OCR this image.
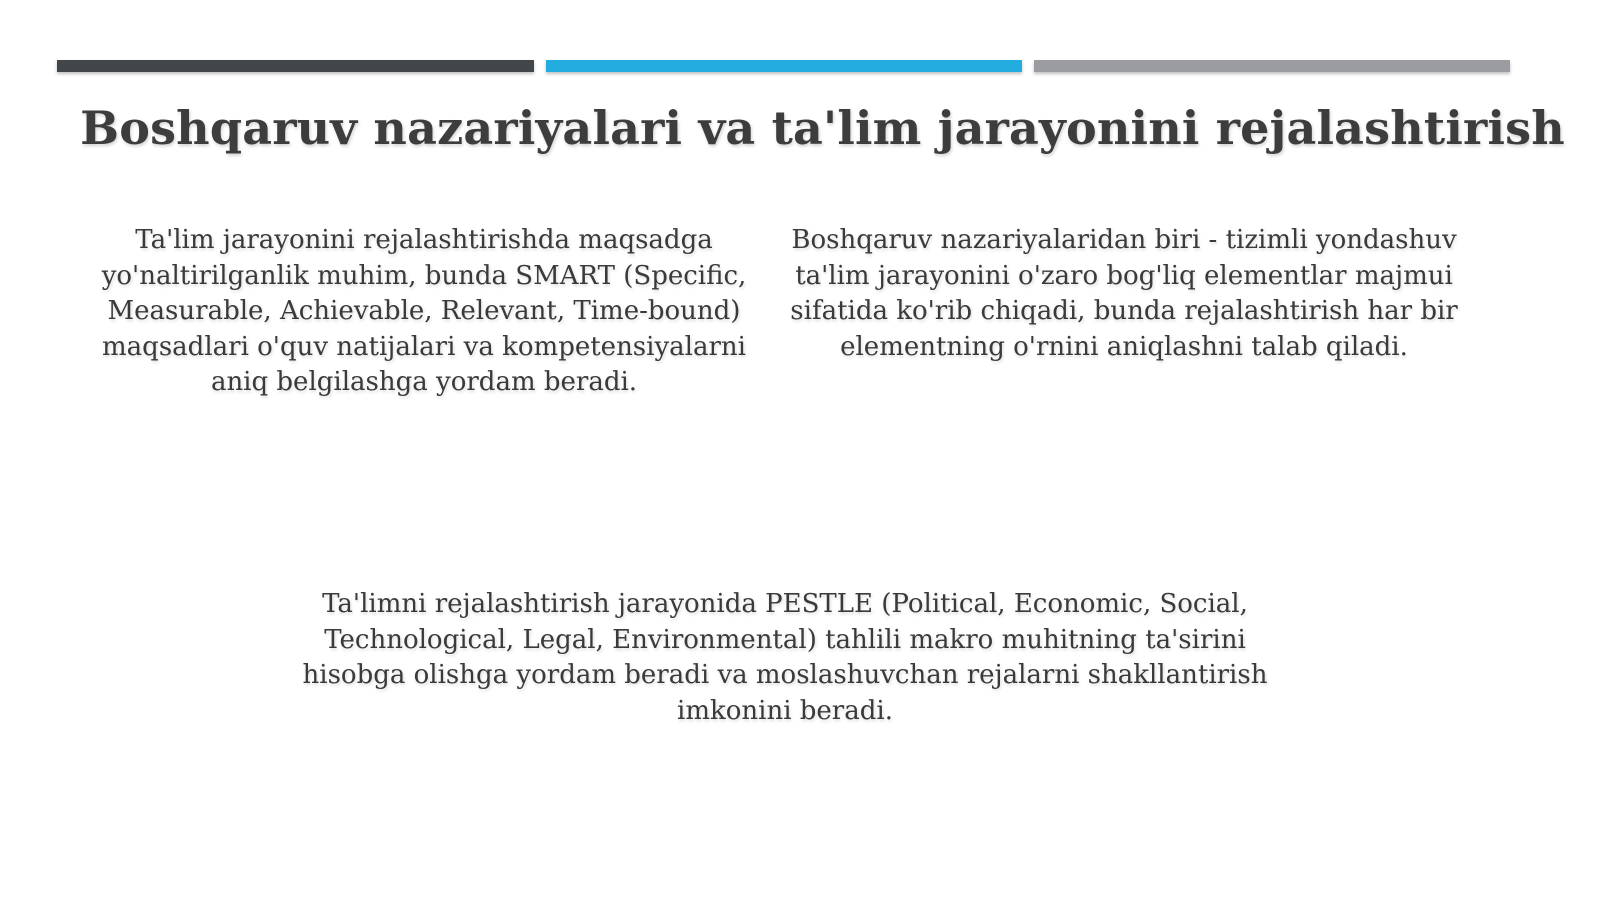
Boshqaruv nazariyalari va ta'lim jarayonini rejalashtirish
Ta'lim jarayonini rejalashtirishda maqsadga yo'naltirilganlik muhim, bunda SMART (Specific, Measurable, Achievable, Relevant, Time-bound) maqsadlari o'quv natijalari va kompetensiyalarni aniq belgilashga yordam beradi.
Boshqaruv nazariyalaridan biri - tizimli yondashuv ta'lim jarayonini o'zaro bog'liq elementlar majmui sifatida ko'rib chiqadi, bunda rejalashtirish har bir elementning o'rnini aniqlashni talab qiladi.
Ta'limni rejalashtirish jarayonida PESTLE (Political, Economic, Social, Technological, Legal, Environmental) tahlili makro muhitning ta'sirini hisobga olishga yordam beradi va moslashuvchan rejalarni shakllantirish imkonini beradi.
